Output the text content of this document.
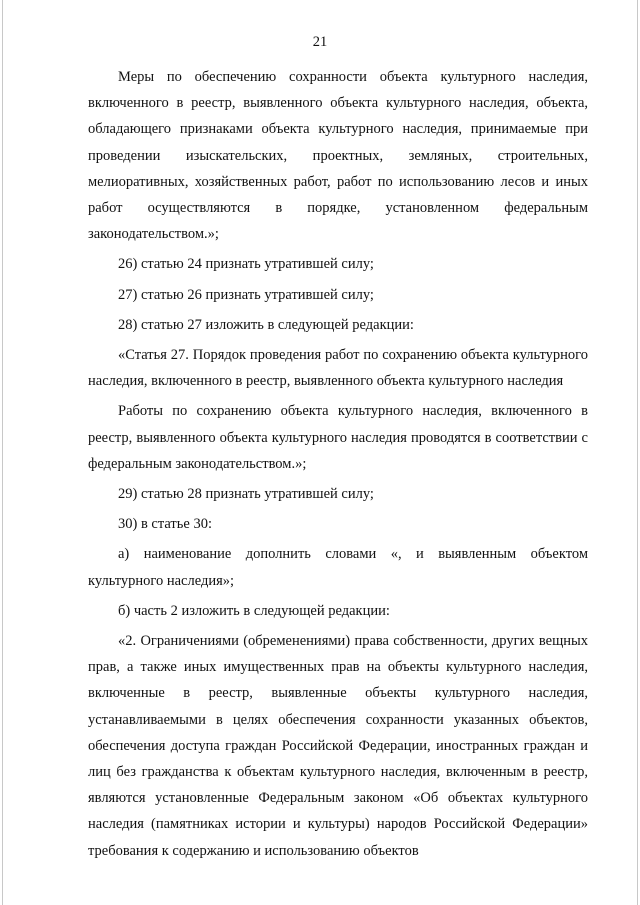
21

Меры по обеспечению сохранности объекта культурного наследия, включенного в реестр, выявленного объекта культурного наследия, объекта, обладающего признаками объекта культурного наследия, принимаемые при проведении изыскательских, проектных, земляных, строительных, мелиоративных, хозяйственных работ, работ по использованию лесов и иных работ осуществляются в порядке, установленном федеральным законодательством.»;

26) статью 24 признать утратившей силу;

27) статью 26 признать утратившей силу;

28) статью 27 изложить в следующей редакции:

«Статья 27. Порядок проведения работ по сохранению объекта культурного наследия, включенного в реестр, выявленного объекта культурного наследия

Работы по сохранению объекта культурного наследия, включенного в реестр, выявленного объекта культурного наследия проводятся в соответствии с федеральным законодательством.»;

29) статью 28 признать утратившей силу;

30) в статье 30:

а) наименование дополнить словами «, и выявленным объектом культурного наследия»;

б) часть 2 изложить в следующей редакции:

«2. Ограничениями (обременениями) права собственности, других вещных прав, а также иных имущественных прав на объекты культурного наследия, включенные в реестр, выявленные объекты культурного наследия, устанавливаемыми в целях обеспечения сохранности указанных объектов, обеспечения доступа граждан Российской Федерации, иностранных граждан и лиц без гражданства к объектам культурного наследия, включенным в реестр, являются установленные Федеральным законом «Об объектах культурного наследия (памятниках истории и культуры) народов Российской Федерации» требования к содержанию и использованию объектов
